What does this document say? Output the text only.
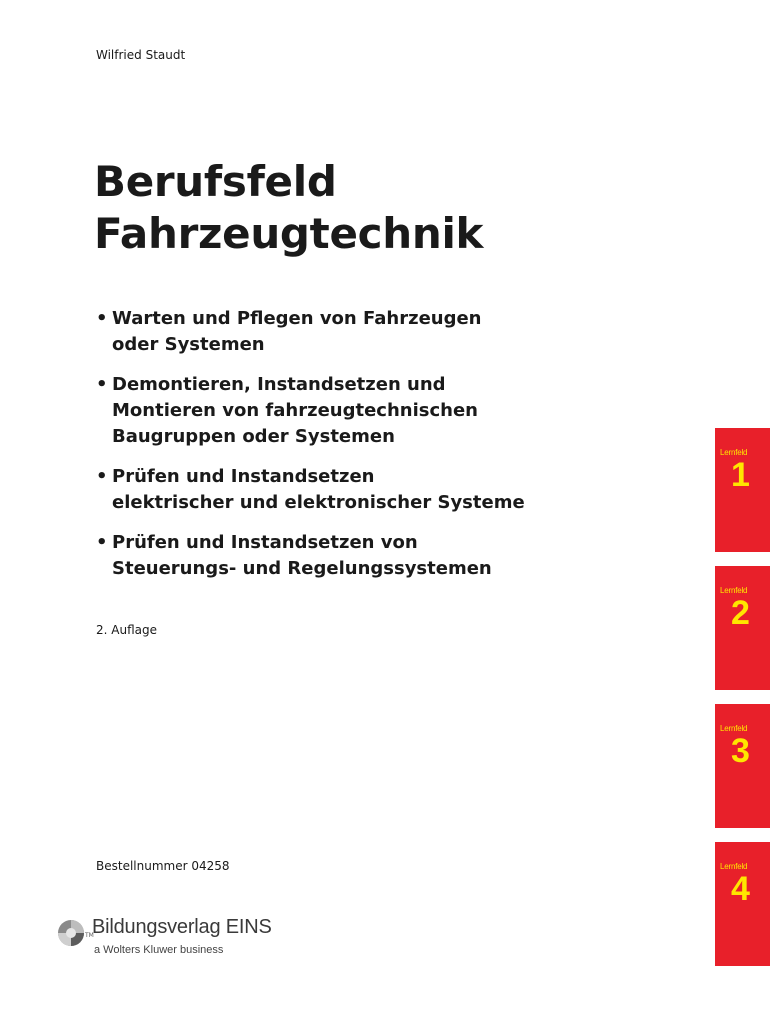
Wilfried Staudt
Berufsfeld
Fahrzeugtechnik
• Warten und Pflegen von Fahrzeugen
oder Systemen
• Demontieren, Instandsetzen und
Montieren von fahrzeugtechnischen
Baugruppen oder Systemen
• Prüfen und Instandsetzen
elektrischer und elektronischer Systeme
• Prüfen und Instandsetzen von
Steuerungs- und Regelungssystemen
2. Auflage
Bestellnummer 04258
TM
Bildungsverlag EINS
a Wolters Kluwer business
Lernfeld
1
Lernfeld
2
Lernfeld
3
Lernfeld
4
